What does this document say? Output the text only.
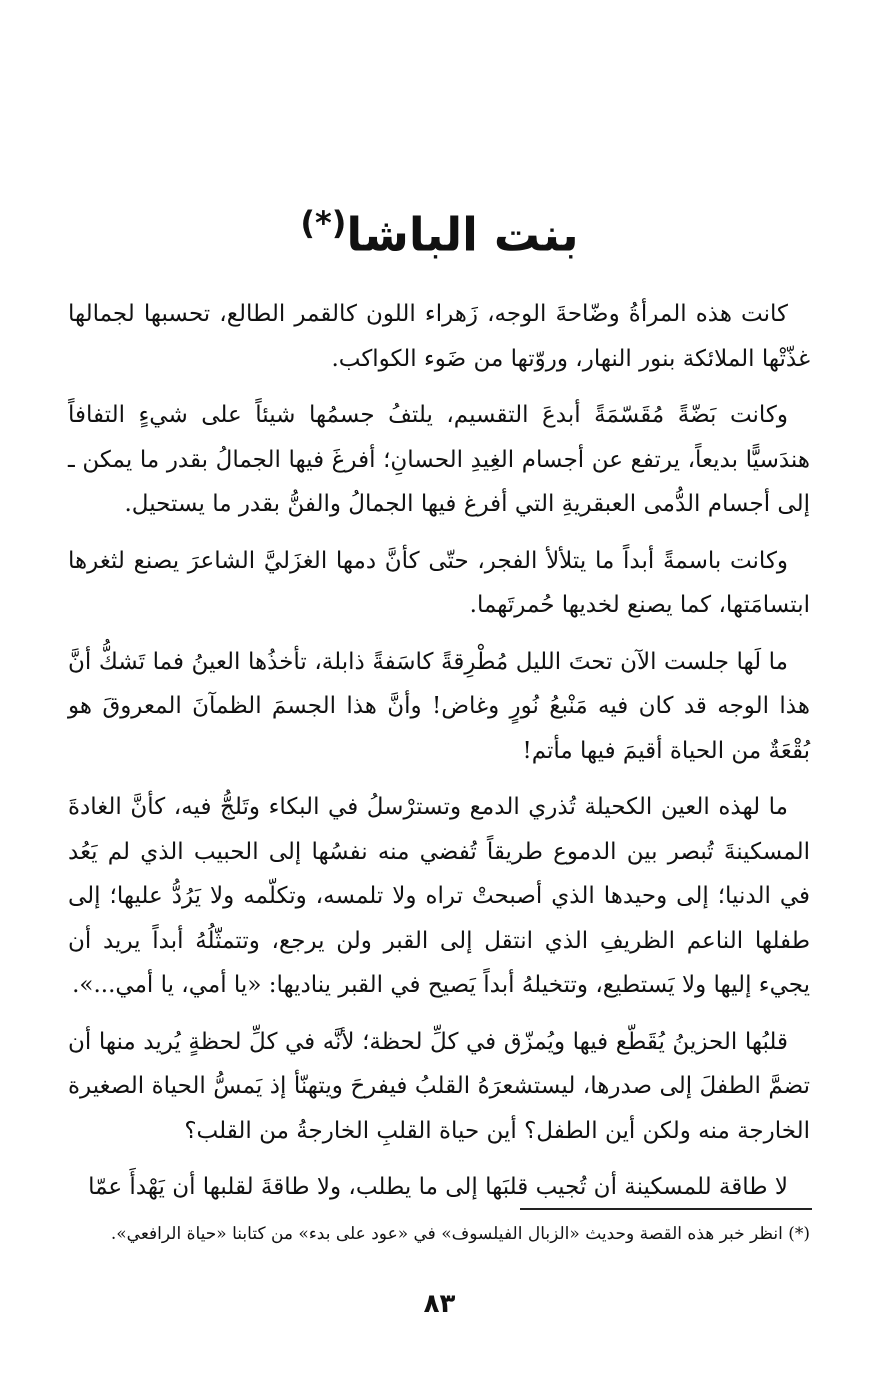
بنت الباشا(*)

كانت هذه المرأةُ وضّاحةَ الوجه، زَهراء اللون كالقمر الطالع، تحسبها لجمالها غذّتْها الملائكة بنور النهار، وروّتها من ضَوء الكواكب.

وكانت بَضّةً مُقَسّمَةً أبدعَ التقسيم، يلتفُ جسمُها شيئاً على شيءٍ التفافاً هندَسيًّا بديعاً، يرتفع عن أجسام الغِيدِ الحسانِ؛ أفرغَ فيها الجمالُ بقدر ما يمكن ـ إلى أجسام الدُّمى العبقريةِ التي أفرغ فيها الجمالُ والفنُّ بقدر ما يستحيل.

وكانت باسمةً أبداً ما يتلألأ الفجر، حتّى كأنَّ دمها الغزَليَّ الشاعرَ يصنع لثغرها ابتسامَتها، كما يصنع لخديها حُمرتَهما.

ما لَها جلست الآن تحتَ الليل مُطْرِقةً كاسَفةً ذابلة، تأخذُها العينُ فما تَشكُّ أنَّ هذا الوجه قد كان فيه مَنْبعُ نُورٍ وغاض! وأنَّ هذا الجسمَ الظمآنَ المعروقَ هو بُقْعَةٌ من الحياة أقيمَ فيها مأتم!

ما لهذه العين الكحيلة تُذري الدمع وتسترْسلُ في البكاء وتَلجُّ فيه، كأنَّ الغادةَ المسكينةَ تُبصر بين الدموع طريقاً تُفضي منه نفسُها إلى الحبيب الذي لم يَعُد في الدنيا؛ إلى وحيدها الذي أصبحتْ تراه ولا تلمسه، وتكلّمه ولا يَرُدُّ عليها؛ إلى طفلها الناعم الظريفِ الذي انتقل إلى القبر ولن يرجع، وتتمثّلُهُ أبداً يريد أن يجيء إليها ولا يَستطيع، وتتخيلهُ أبداً يَصيح في القبر يناديها: «يا أمي، يا أمي...».

قلبُها الحزينُ يُقَطّع فيها ويُمزّق في كلِّ لحظة؛ لأنَّه في كلِّ لحظةٍ يُريد منها أن تضمَّ الطفلَ إلى صدرها، ليستشعرَهُ القلبُ فيفرحَ ويتهنّأ إذ يَمسُّ الحياة الصغيرة الخارجة منه ولكن أين الطفل؟ أين حياة القلبِ الخارجةُ من القلب؟

لا طاقة للمسكينة أن تُجيب قلبَها إلى ما يطلب، ولا طاقةَ لقلبها أن يَهْدأَ عمّا

(*) انظر خبر هذه القصة وحديث «الزبال الفيلسوف» في «عود على بدء» من كتابنا «حياة الرافعي».
٨٣
